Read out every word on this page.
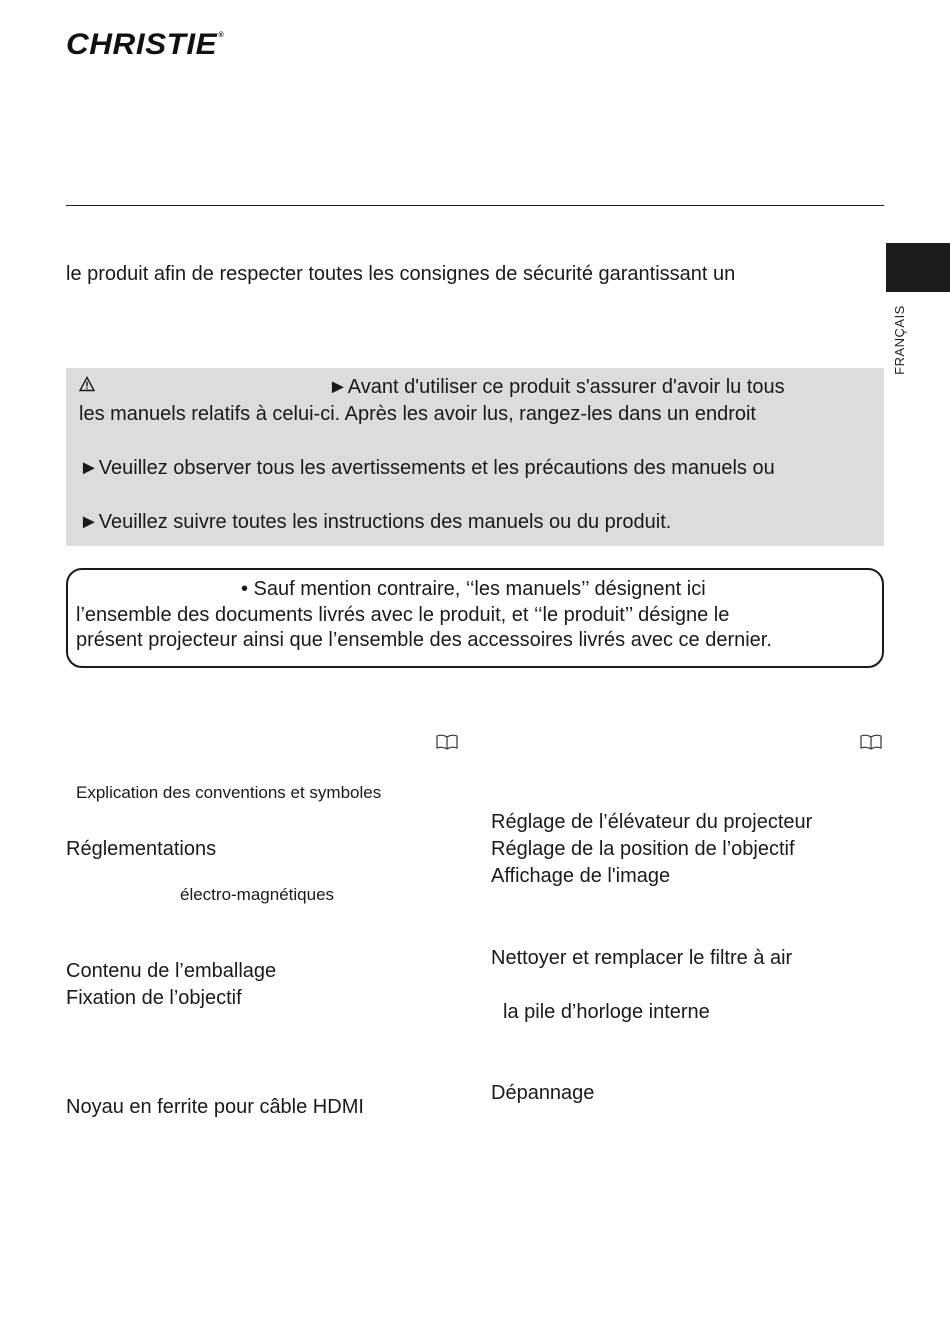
CHRISTIE®
FRANÇAIS
le produit afin de respecter toutes les consignes de sécurité garantissant un
►Avant d'utiliser ce produit s'assurer d'avoir lu tous
les manuels relatifs à celui-ci. Après les avoir lus, rangez-les dans un endroit
►Veuillez observer tous les avertissements et les précautions des manuels ou
►Veuillez suivre toutes les instructions des manuels ou du produit.
• Sauf mention contraire, ‘‘les manuels’’ désignent ici
l’ensemble des documents livrés avec le produit, et ‘‘le produit’’ désigne le
présent projecteur ainsi que l’ensemble des accessoires livrés avec ce dernier.
Explication des conventions et symboles
Réglementations
électro-magnétiques
Contenu de l’emballage
Fixation de l’objectif
Noyau en ferrite pour câble HDMI
Réglage de l’élévateur du projecteur
Réglage de la position de l’objectif
Affichage de l'image
Nettoyer et remplacer le filtre à air
la pile d’horloge interne
Dépannage
